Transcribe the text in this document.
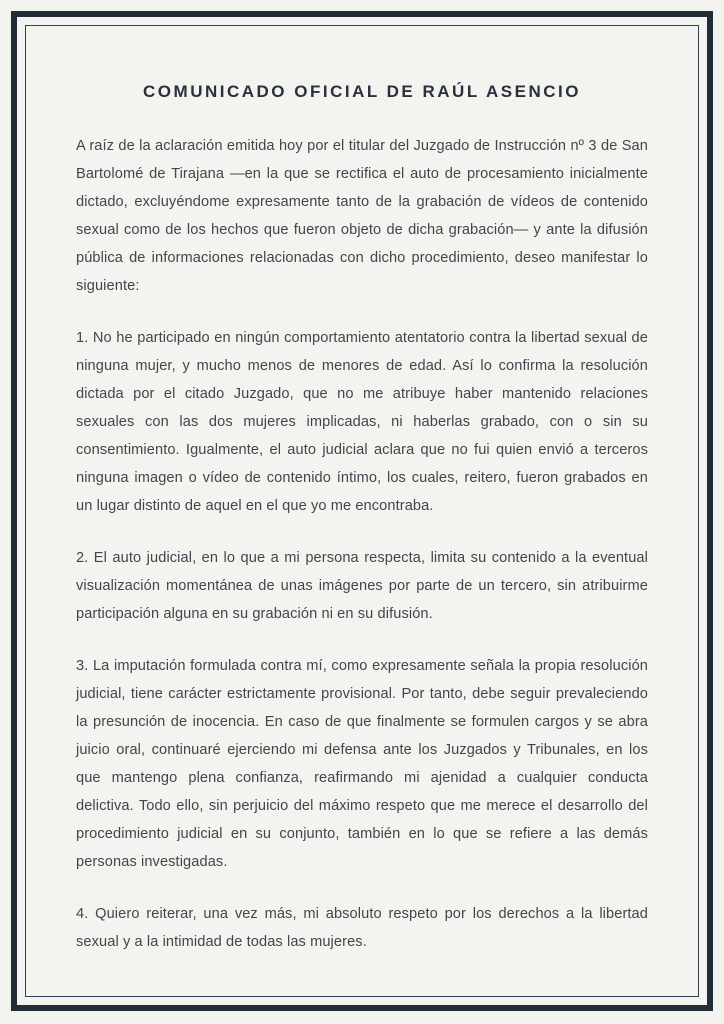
COMUNICADO OFICIAL DE RAÚL ASENCIO

A raíz de la aclaración emitida hoy por el titular del Juzgado de Instrucción nº 3 de San Bartolomé de Tirajana —en la que se rectifica el auto de procesamiento inicialmente dictado, excluyéndome expresamente tanto de la grabación de vídeos de contenido sexual como de los hechos que fueron objeto de dicha grabación— y ante la difusión pública de informaciones relacionadas con dicho procedimiento, deseo manifestar lo siguiente:

1. No he participado en ningún comportamiento atentatorio contra la libertad sexual de ninguna mujer, y mucho menos de menores de edad. Así lo confirma la resolución dictada por el citado Juzgado, que no me atribuye haber mantenido relaciones sexuales con las dos mujeres implicadas, ni haberlas grabado, con o sin su consentimiento. Igualmente, el auto judicial aclara que no fui quien envió a terceros ninguna imagen o vídeo de contenido íntimo, los cuales, reitero, fueron grabados en un lugar distinto de aquel en el que yo me encontraba.

2. El auto judicial, en lo que a mi persona respecta, limita su contenido a la eventual visualización momentánea de unas imágenes por parte de un tercero, sin atribuirme participación alguna en su grabación ni en su difusión.

3. La imputación formulada contra mí, como expresamente señala la propia resolución judicial, tiene carácter estrictamente provisional. Por tanto, debe seguir prevaleciendo la presunción de inocencia. En caso de que finalmente se formulen cargos y se abra juicio oral, continuaré ejerciendo mi defensa ante los Juzgados y Tribunales, en los que mantengo plena confianza, reafirmando mi ajenidad a cualquier conducta delictiva. Todo ello, sin perjuicio del máximo respeto que me merece el desarrollo del procedimiento judicial en su conjunto, también en lo que se refiere a las demás personas investigadas.

4. Quiero reiterar, una vez más, mi absoluto respeto por los derechos a la libertad sexual y a la intimidad de todas las mujeres.
